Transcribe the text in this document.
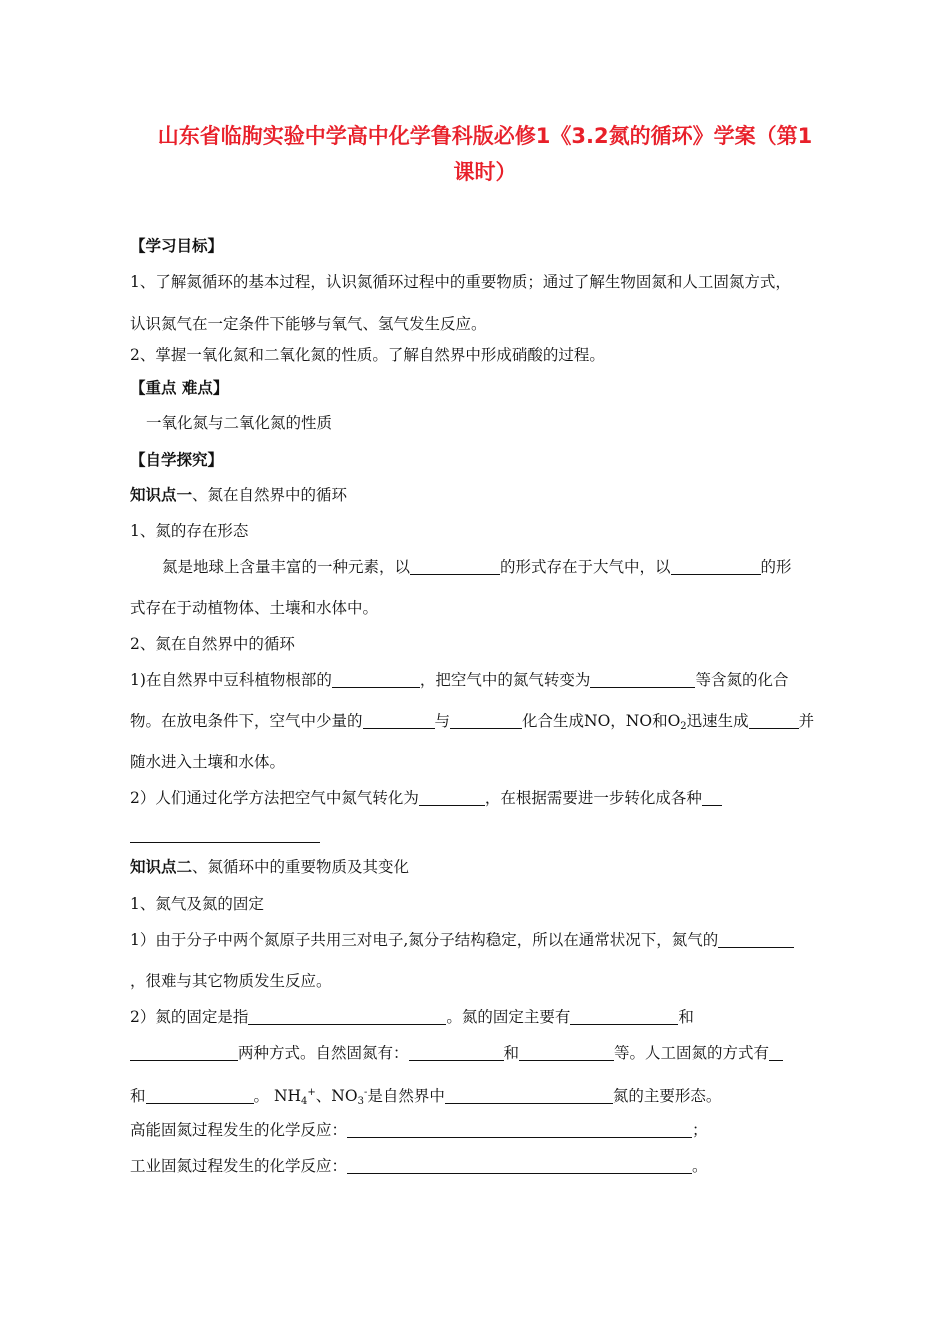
山东省临朐实验中学高中化学鲁科版必修1《3.2氮的循环》学案（第1
课时）
【学习目标】
1、了解氮循环的基本过程，认识氮循环过程中的重要物质；通过了解生物固氮和人工固氮方式，
认识氮气在一定条件下能够与氧气、氢气发生反应。
2、掌握一氧化氮和二氧化氮的性质。了解自然界中形成硝酸的过程。
【重点 难点】
一氧化氮与二氧化氮的性质
【自学探究】
知识点一、氮在自然界中的循环
1、氮的存在形态
氮是地球上含量丰富的一种元素，以	的形式存在于大气中，以	的形
式存在于动植物体、土壤和水体中。
2、氮在自然界中的循环
1)在自然界中豆科植物根部的	，把空气中的氮气转变为	等含氮的化合
物。在放电条件下，空气中少量的	与	化合生成NO，NO和$O_2$迅速生成	并
随水进入土壤和水体。
2）人们通过化学方法把空气中氮气转化为	，在根据需要进一步转化成各种
知识点二、氮循环中的重要物质及其变化
1、氮气及氮的固定
1）由于分子中两个氮原子共用三对电子,氮分子结构稳定，所以在通常状况下，氮气的
，很难与其它物质发生反应。
2）氮的固定是指	。氮的固定主要有	和
两种方式。自然固氮有：	和	等。人工固氮的方式有
和	。 $NH_4^+$、$NO_3^-$是自然界中	氮的主要形态。
高能固氮过程发生的化学反应：	；
工业固氮过程发生的化学反应：	。
